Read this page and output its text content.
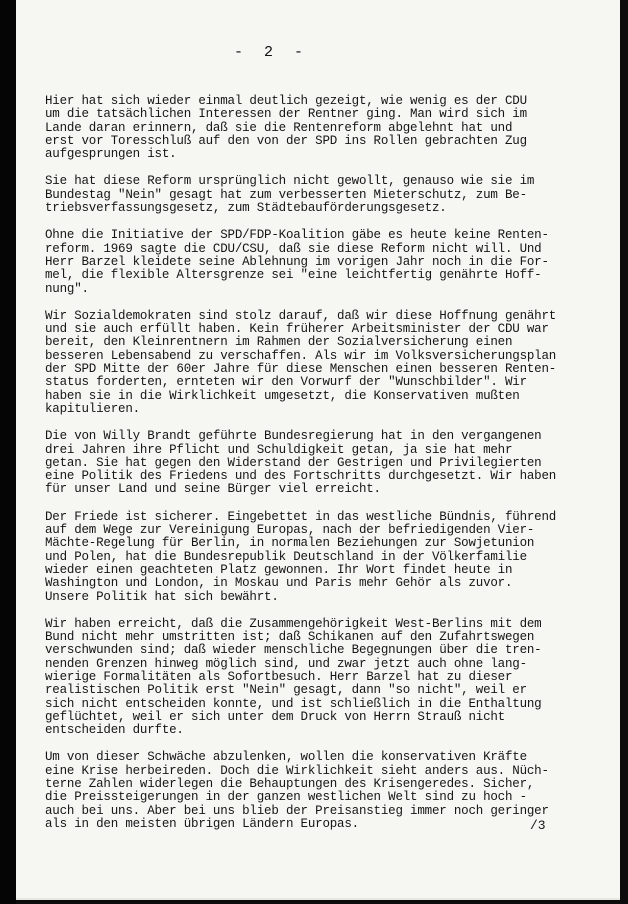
- 2 -
Hier hat sich wieder einmal deutlich gezeigt, wie wenig es der CDU
um die tatsächlichen Interessen der Rentner ging. Man wird sich im
Lande daran erinnern, daß sie die Rentenreform abgelehnt hat und
erst vor Toresschluß auf den von der SPD ins Rollen gebrachten Zug
aufgesprungen ist.
Sie hat diese Reform ursprünglich nicht gewollt, genauso wie sie im
Bundestag "Nein" gesagt hat zum verbesserten Mieterschutz, zum Be-
triebsverfassungsgesetz, zum Städtebauförderungsgesetz.
Ohne die Initiative der SPD/FDP-Koalition gäbe es heute keine Renten-
reform. 1969 sagte die CDU/CSU, daß sie diese Reform nicht will. Und
Herr Barzel kleidete seine Ablehnung im vorigen Jahr noch in die For-
mel, die flexible Altersgrenze sei "eine leichtfertig genährte Hoff-
nung".
Wir Sozialdemokraten sind stolz darauf, daß wir diese Hoffnung genährt
und sie auch erfüllt haben. Kein früherer Arbeitsminister der CDU war
bereit, den Kleinrentnern im Rahmen der Sozialversicherung einen
besseren Lebensabend zu verschaffen. Als wir im Volksversicherungsplan
der SPD Mitte der 60er Jahre für diese Menschen einen besseren Renten-
status forderten, ernteten wir den Vorwurf der "Wunschbilder". Wir
haben sie in die Wirklichkeit umgesetzt, die Konservativen mußten
kapitulieren.
Die von Willy Brandt geführte Bundesregierung hat in den vergangenen
drei Jahren ihre Pflicht und Schuldigkeit getan, ja sie hat mehr
getan. Sie hat gegen den Widerstand der Gestrigen und Privilegierten
eine Politik des Friedens und des Fortschritts durchgesetzt. Wir haben
für unser Land und seine Bürger viel erreicht.
Der Friede ist sicherer. Eingebettet in das westliche Bündnis, führend
auf dem Wege zur Vereinigung Europas, nach der befriedigenden Vier-
Mächte-Regelung für Berlin, in normalen Beziehungen zur Sowjetunion
und Polen, hat die Bundesrepublik Deutschland in der Völkerfamilie
wieder einen geachteten Platz gewonnen. Ihr Wort findet heute in
Washington und London, in Moskau und Paris mehr Gehör als zuvor.
Unsere Politik hat sich bewährt.
Wir haben erreicht, daß die Zusammengehörigkeit West-Berlins mit dem
Bund nicht mehr umstritten ist; daß Schikanen auf den Zufahrtswegen
verschwunden sind; daß wieder menschliche Begegnungen über die tren-
nenden Grenzen hinweg möglich sind, und zwar jetzt auch ohne lang-
wierige Formalitäten als Sofortbesuch. Herr Barzel hat zu dieser
realistischen Politik erst "Nein" gesagt, dann "so nicht", weil er
sich nicht entscheiden konnte, und ist schließlich in die Enthaltung
geflüchtet, weil er sich unter dem Druck von Herrn Strauß nicht
entscheiden durfte.
Um von dieser Schwäche abzulenken, wollen die konservativen Kräfte
eine Krise herbeireden. Doch die Wirklichkeit sieht anders aus. Nüch-
terne Zahlen widerlegen die Behauptungen des Krisengeredes. Sicher,
die Preissteigerungen in der ganzen westlichen Welt sind zu hoch -
auch bei uns. Aber bei uns blieb der Preisanstieg immer noch geringer
als in den meisten übrigen Ländern Europas.	/3
